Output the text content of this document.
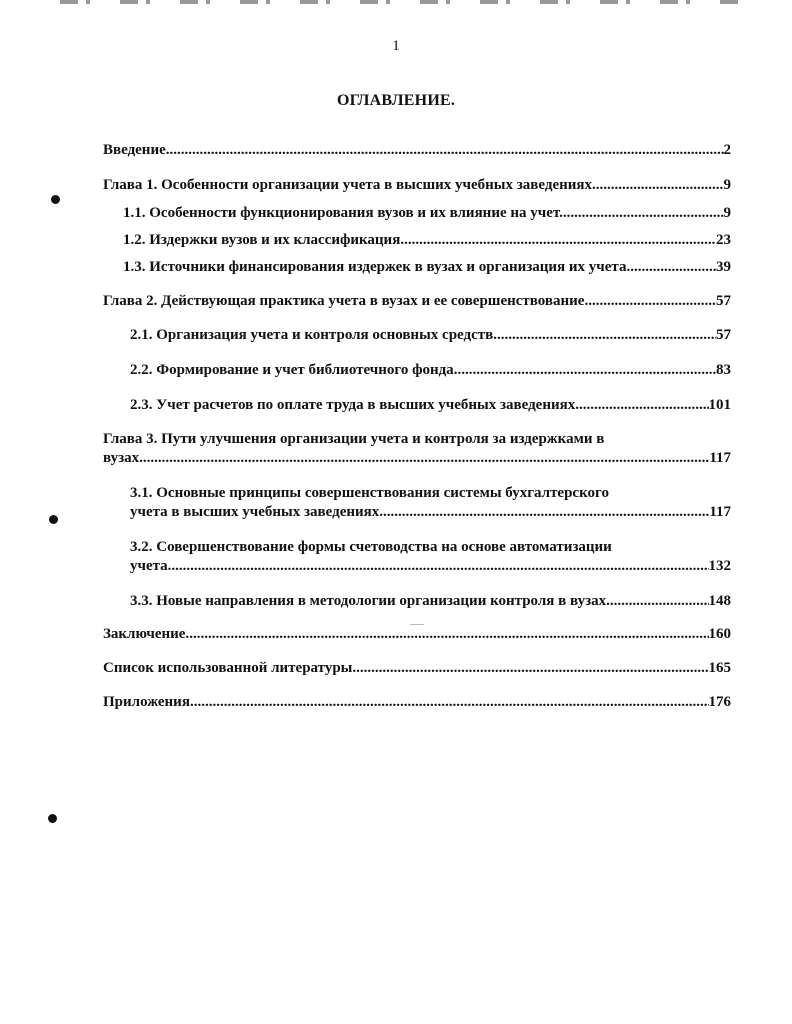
1
ОГЛАВЛЕНИЕ.
Введение. .....	2
Глава 1. Особенности организации учета в высших учебных заведениях. .....	9
1.1. Особенности функционирования вузов и их влияние на учет. .....	9
1.2. Издержки вузов и их классификация. .....	23
1.3. Источники финансирования издержек в вузах и организация их учета. .....	39
Глава 2. Действующая практика учета в вузах и ее совершенствование. .....	57
2.1. Организация учета и контроля основных средств. .....	57
2.2. Формирование и учет библиотечного фонда .....	83
2.3. Учет расчетов по оплате труда в высших учебных заведениях. .....	101
Глава 3. Пути улучшения организации учета и контроля за издержками в
вузах. .....	117
3.1. Основные принципы совершенствования системы бухгалтерского
учета в высших учебных заведениях. .....	117
3.2. Совершенствование формы счетоводства на основе автоматизации
учета. .....	132
3.3. Новые направления в методологии организации контроля в вузах .....	148
Заключение. .....	160
Список использованной литературы. .....	165
Приложения .....	176
